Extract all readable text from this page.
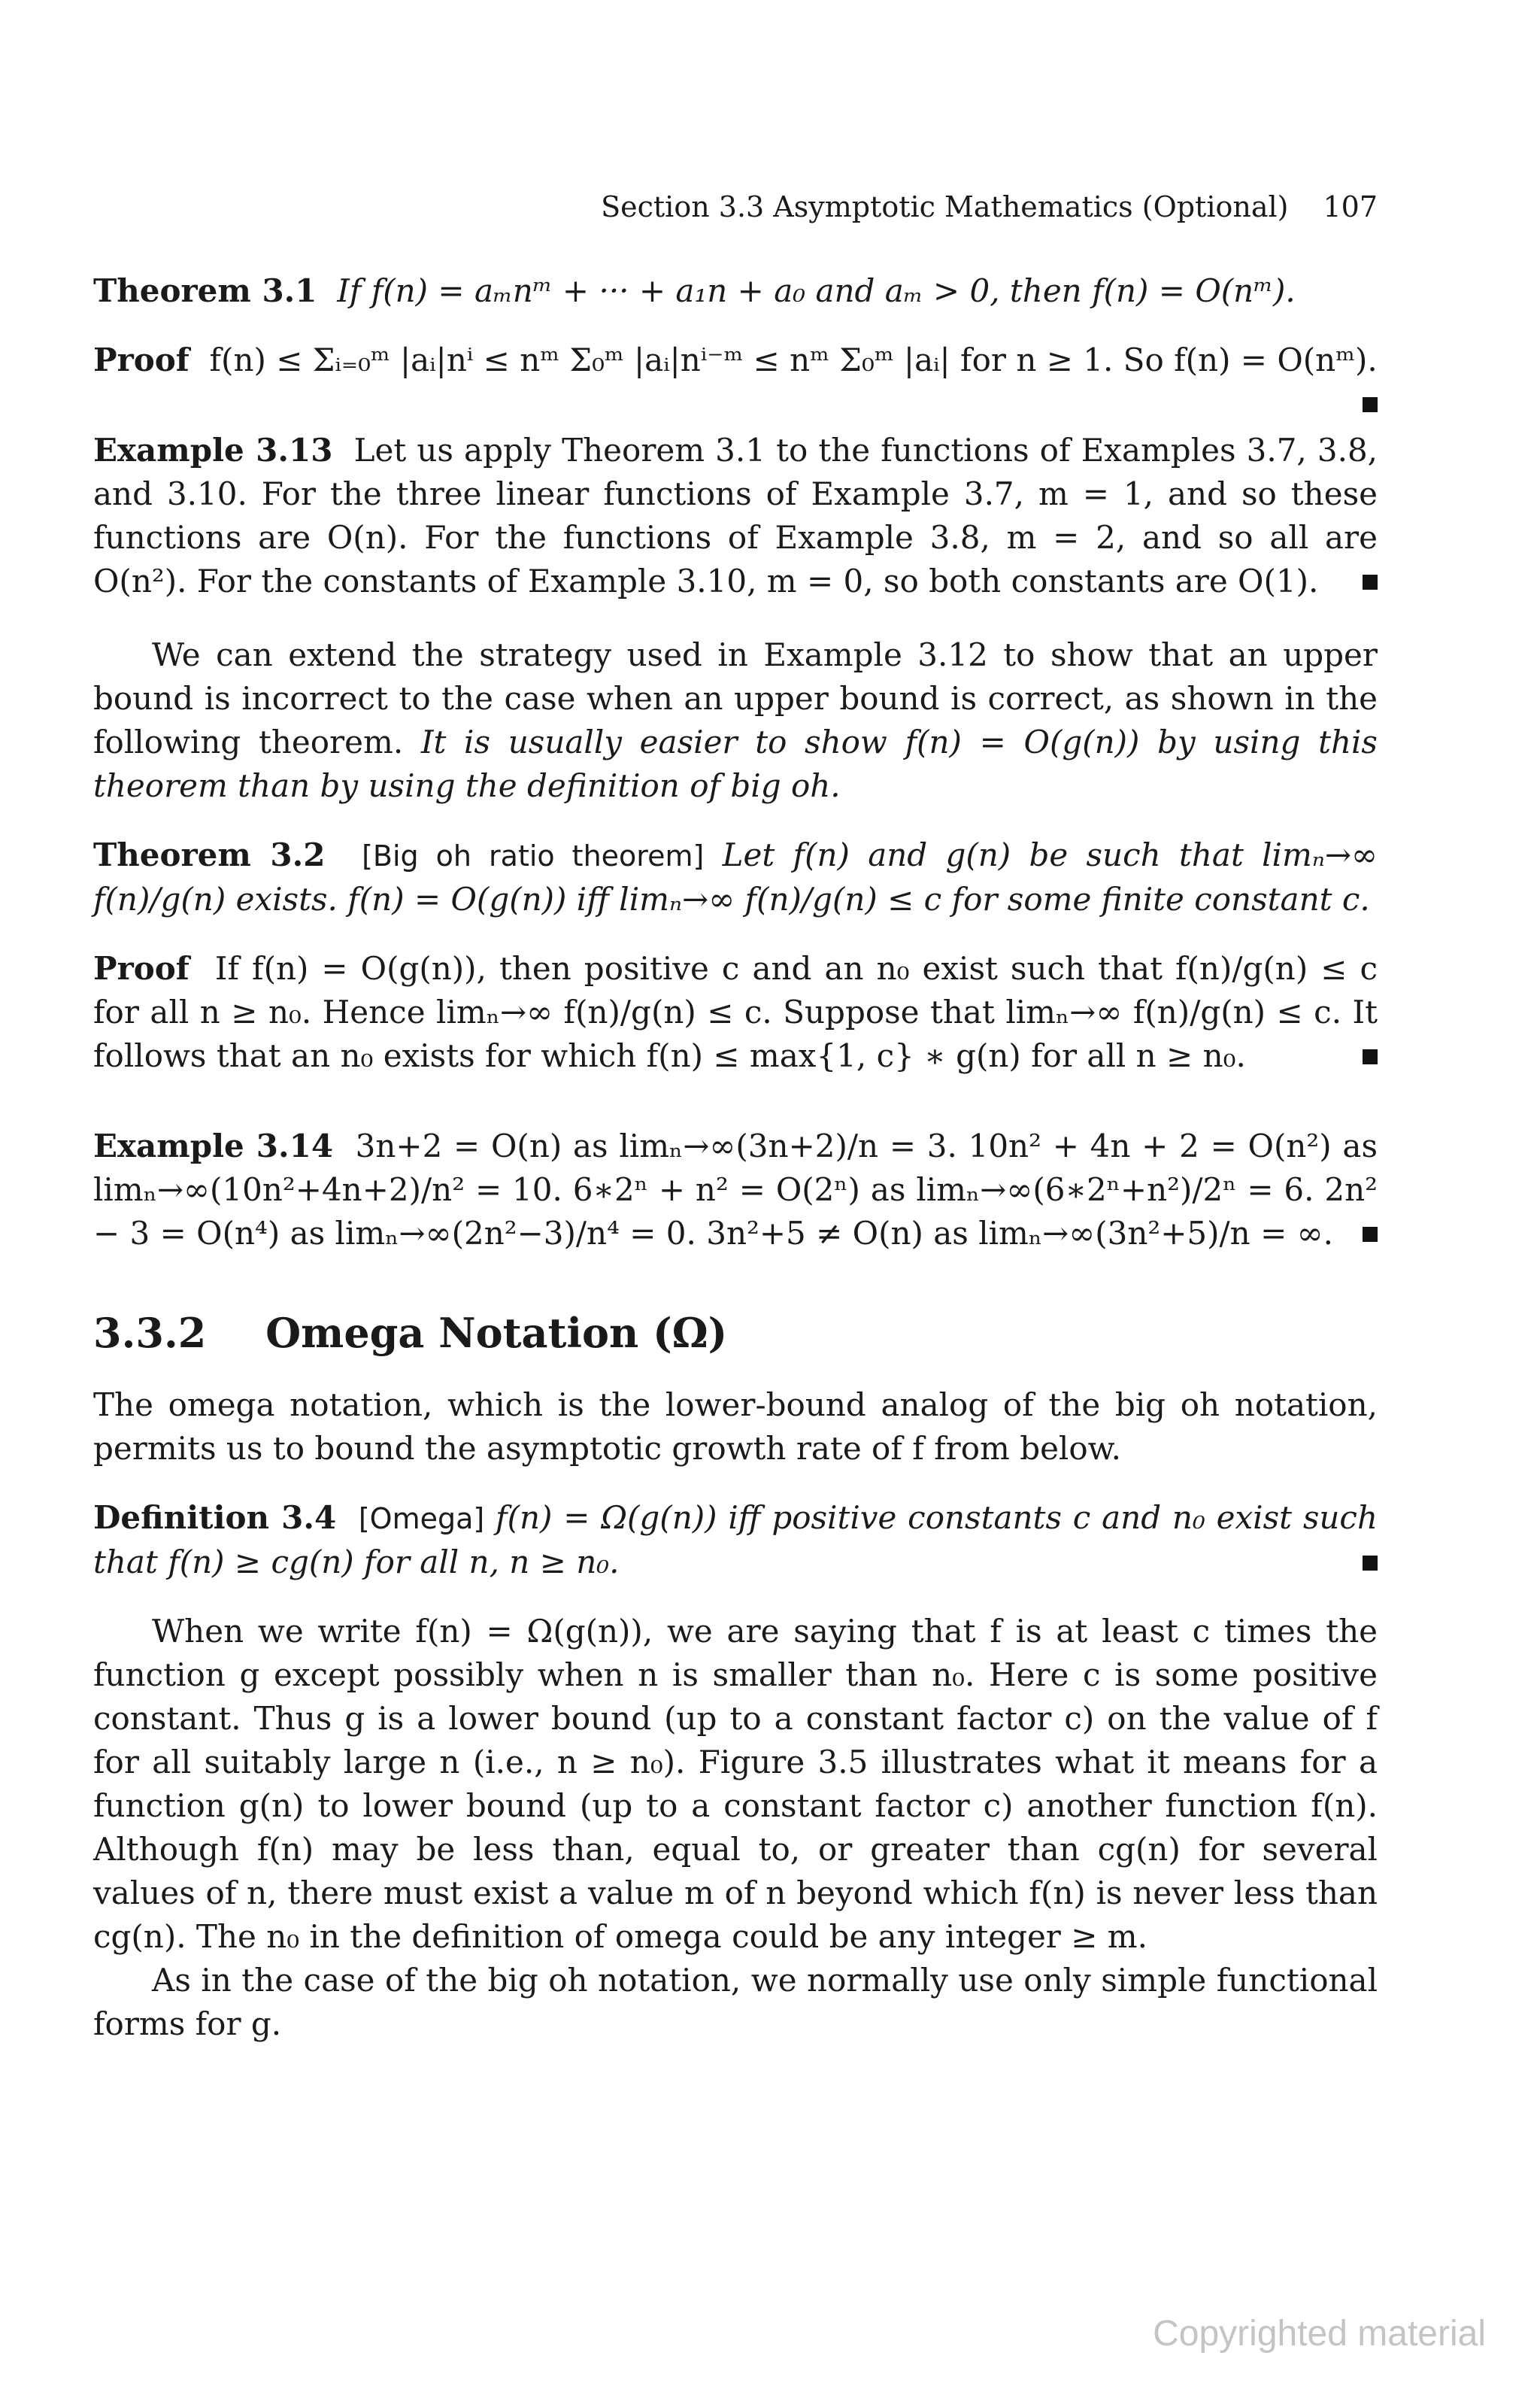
Section 3.3 Asymptotic Mathematics (Optional) 107

Theorem 3.1 If f(n) = aₘnᵐ + ··· + a₁n + a₀ and aₘ > 0, then f(n) = O(nᵐ).

Proof f(n) ≤ Σᵢ₌₀ᵐ |aᵢ|nⁱ ≤ nᵐ Σ₀ᵐ |aᵢ|nⁱ⁻ᵐ ≤ nᵐ Σ₀ᵐ |aᵢ| for n ≥ 1. So f(n) = O(nᵐ).

Example 3.13 Let us apply Theorem 3.1 to the functions of Examples 3.7, 3.8, and 3.10. For the three linear functions of Example 3.7, m = 1, and so these functions are O(n). For the functions of Example 3.8, m = 2, and so all are O(n²). For the constants of Example 3.10, m = 0, so both constants are O(1).

We can extend the strategy used in Example 3.12 to show that an upper bound is incorrect to the case when an upper bound is correct, as shown in the following theorem. It is usually easier to show f(n) = O(g(n)) by using this theorem than by using the definition of big oh.

Theorem 3.2 [Big oh ratio theorem] Let f(n) and g(n) be such that limₙ→∞ f(n)/g(n) exists. f(n) = O(g(n)) iff limₙ→∞ f(n)/g(n) ≤ c for some finite constant c.

Proof If f(n) = O(g(n)), then positive c and an n₀ exist such that f(n)/g(n) ≤ c for all n ≥ n₀. Hence limₙ→∞ f(n)/g(n) ≤ c. Suppose that limₙ→∞ f(n)/g(n) ≤ c. It follows that an n₀ exists for which f(n) ≤ max{1, c} ∗ g(n) for all n ≥ n₀.

Example 3.14 3n+2 = O(n) as limₙ→∞(3n+2)/n = 3. 10n² + 4n + 2 = O(n²) as limₙ→∞(10n²+4n+2)/n² = 10. 6∗2ⁿ + n² = O(2ⁿ) as limₙ→∞(6∗2ⁿ+n²)/2ⁿ = 6. 2n² − 3 = O(n⁴) as limₙ→∞(2n²−3)/n⁴ = 0. 3n²+5 ≠ O(n) as limₙ→∞(3n²+5)/n = ∞.

3.3.2 Omega Notation (Ω)

The omega notation, which is the lower-bound analog of the big oh notation, permits us to bound the asymptotic growth rate of f from below.

Definition 3.4 [Omega] f(n) = Ω(g(n)) iff positive constants c and n₀ exist such that f(n) ≥ cg(n) for all n, n ≥ n₀.

When we write f(n) = Ω(g(n)), we are saying that f is at least c times the function g except possibly when n is smaller than n₀. Here c is some positive constant. Thus g is a lower bound (up to a constant factor c) on the value of f for all suitably large n (i.e., n ≥ n₀). Figure 3.5 illustrates what it means for a function g(n) to lower bound (up to a constant factor c) another function f(n). Although f(n) may be less than, equal to, or greater than cg(n) for several values of n, there must exist a value m of n beyond which f(n) is never less than cg(n). The n₀ in the definition of omega could be any integer ≥ m.

As in the case of the big oh notation, we normally use only simple functional forms for g.

Copyrighted material
